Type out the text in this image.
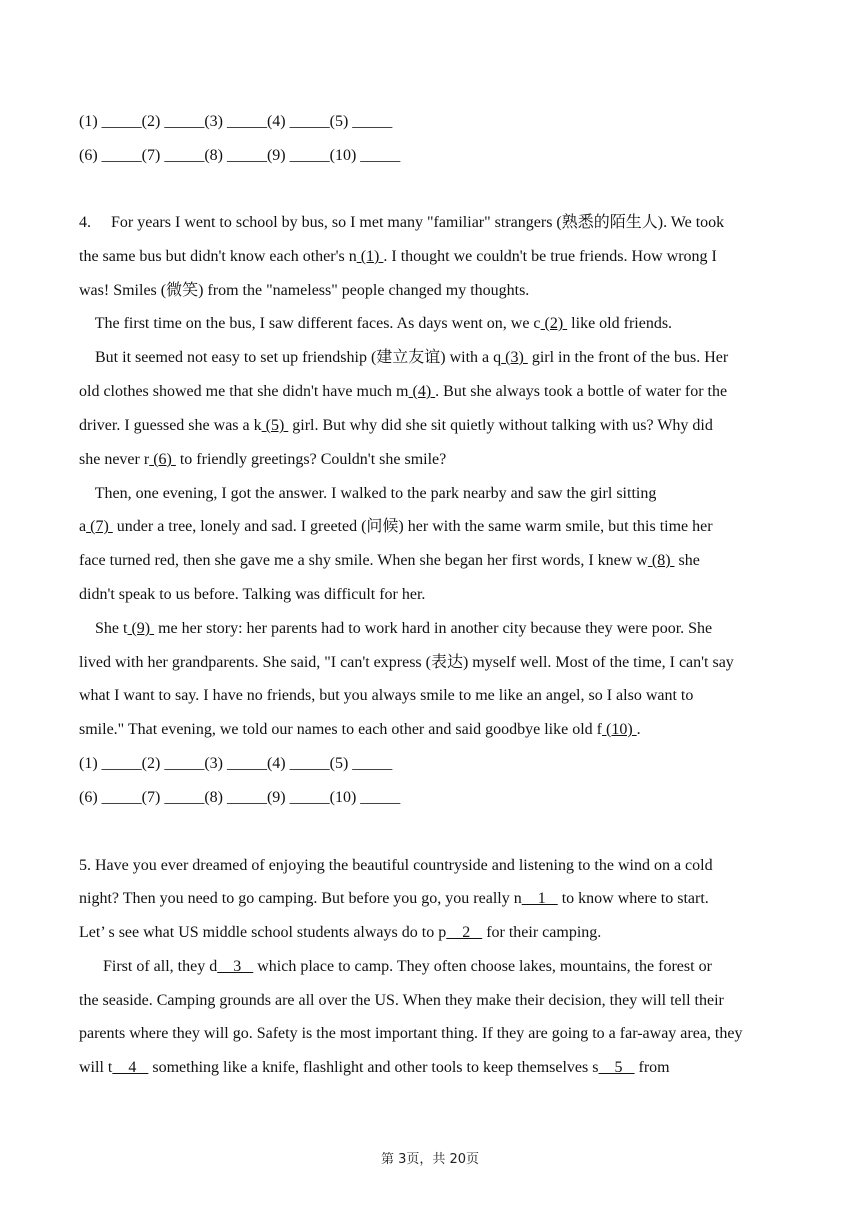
(1) _____(2) _____(3) _____(4) _____(5) _____
(6) _____(7) _____(8) _____(9) _____(10) _____
4.     For years I went to school by bus, so I met many "familiar" strangers (熟悉的陌生人). We took
the same bus but didn't know each other's n (1) . I thought we couldn't be true friends. How wrong I
was! Smiles (微笑) from the "nameless" people changed my thoughts.
The first time on the bus, I saw different faces. As days went on, we c (2)  like old friends.
But it seemed not easy to set up friendship (建立友谊) with a q (3)  girl in the front of the bus. Her
old clothes showed me that she didn't have much m (4) . But she always took a bottle of water for the
driver. I guessed she was a k (5)  girl. But why did she sit quietly without talking with us? Why did
she never r (6)  to friendly greetings? Couldn't she smile?
Then, one evening, I got the answer. I walked to the park nearby and saw the girl sitting
a (7)  under a tree, lonely and sad. I greeted (问候) her with the same warm smile, but this time her
face turned red, then she gave me a shy smile. When she began her first words, I knew w (8)  she
didn't speak to us before. Talking was difficult for her.
She t (9)  me her story: her parents had to work hard in another city because they were poor. She
lived with her grandparents. She said, "I can't express (表达) myself well. Most of the time, I can't say
what I want to say. I have no friends, but you always smile to me like an angel, so I also want to
smile." That evening, we told our names to each other and said goodbye like old f (10) .
(1) _____(2) _____(3) _____(4) _____(5) _____
(6) _____(7) _____(8) _____(9) _____(10) _____
5. Have you ever dreamed of enjoying the beautiful countryside and listening to the wind on a cold
night? Then you need to go camping. But before you go, you really n    1    to know where to start.
Let’ s see what US middle school students always do to p    2    for their camping.
First of all, they d    3    which place to camp. They often choose lakes, mountains, the forest or
the seaside. Camping grounds are all over the US. When they make their decision, they will tell their
parents where they will go. Safety is the most important thing. If they are going to a far-away area, they
will t    4    something like a knife, flashlight and other tools to keep themselves s    5    from
第 3页，共 20页
